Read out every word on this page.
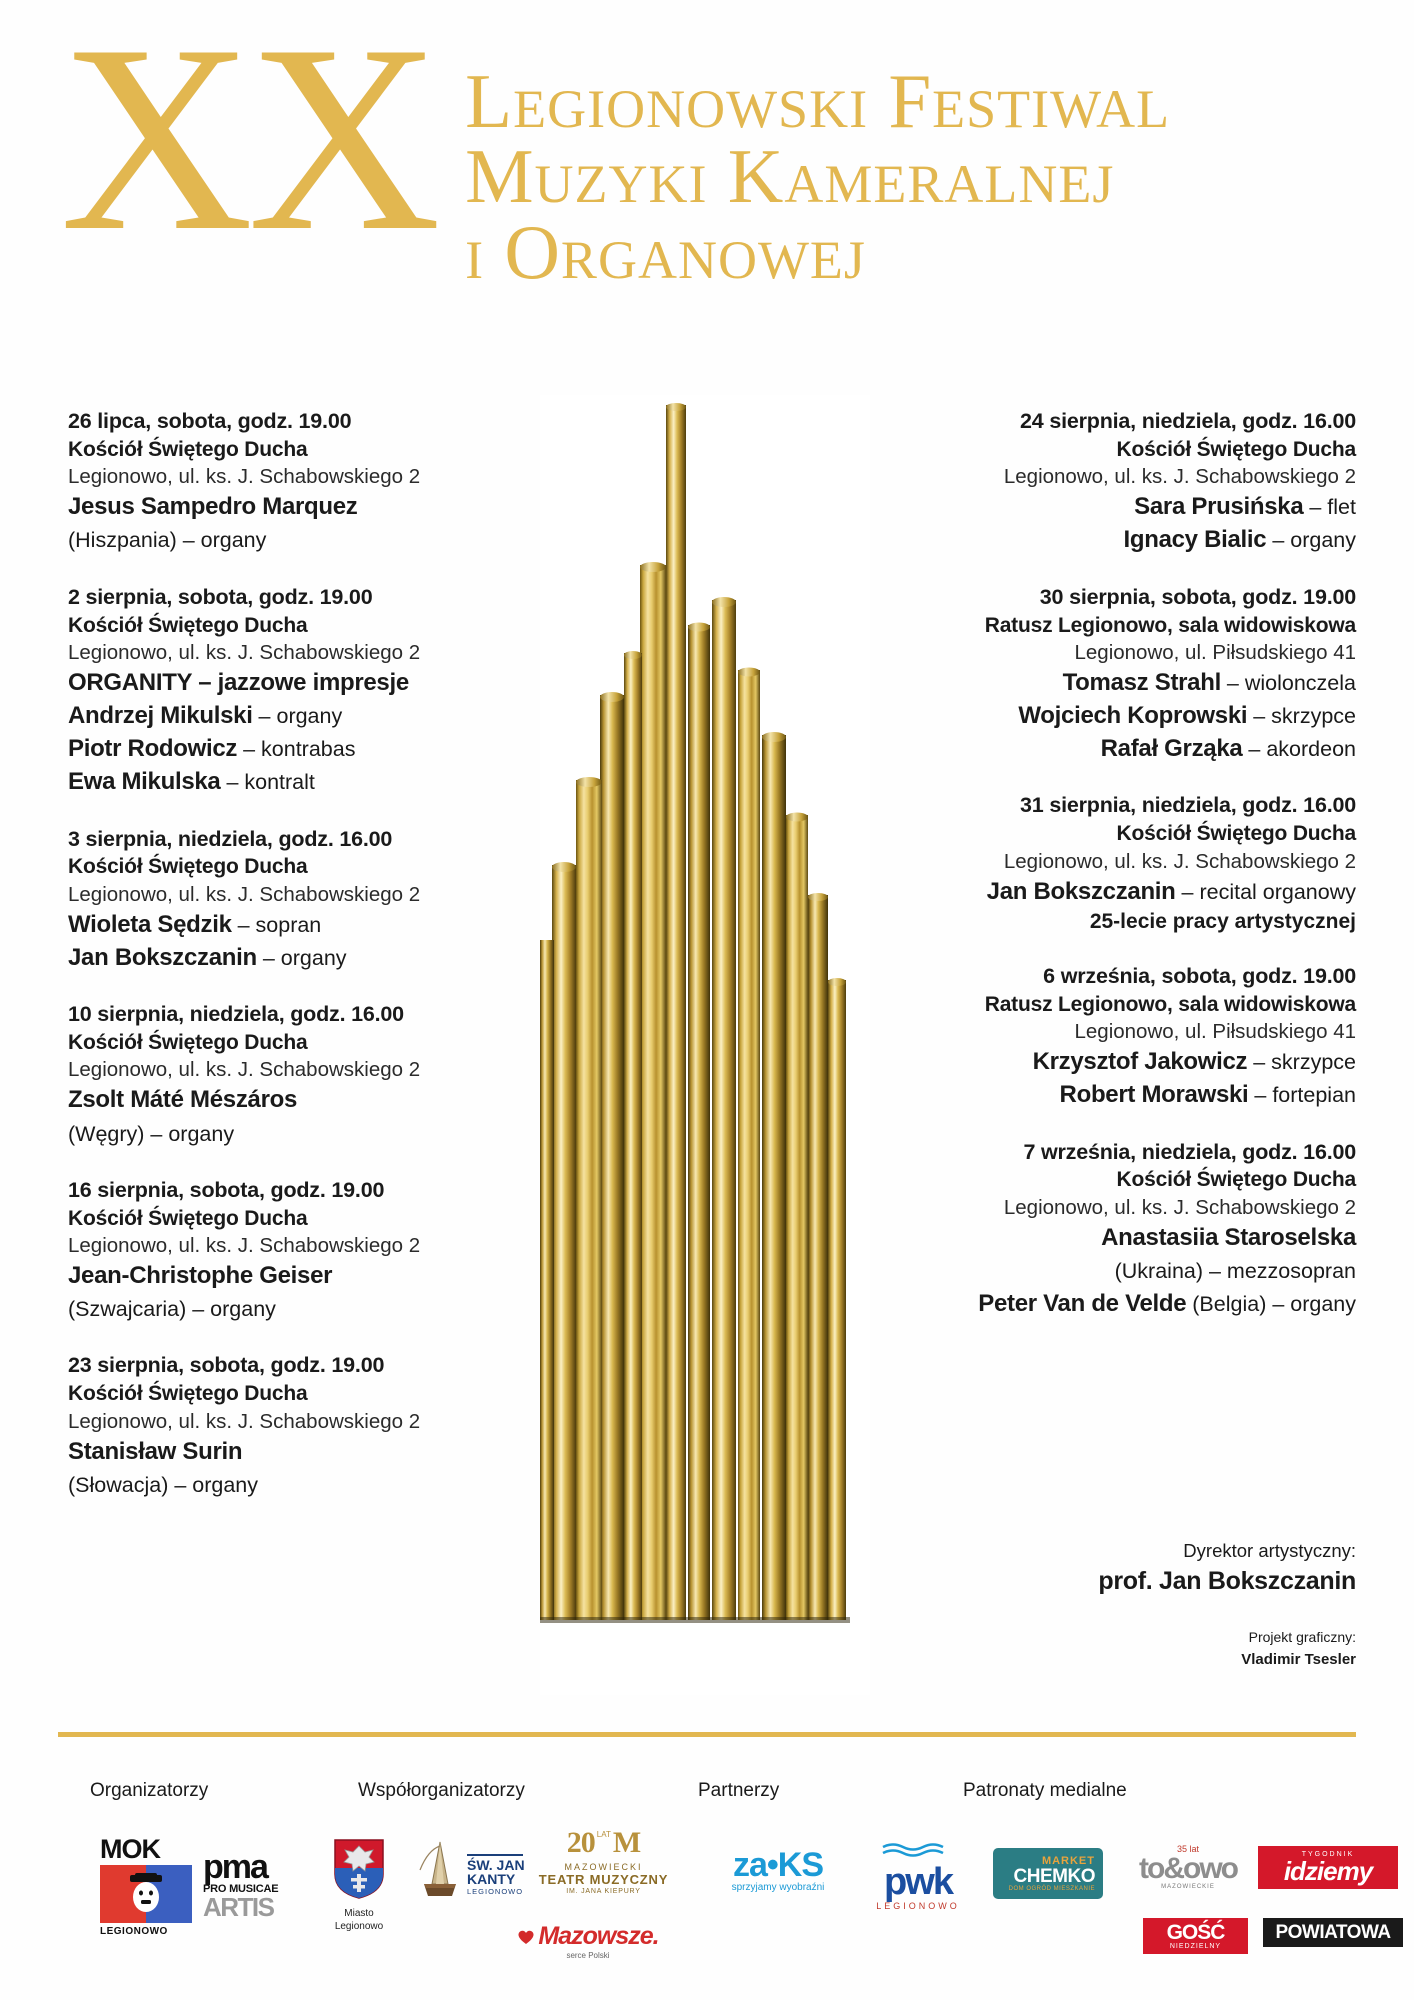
XX Legionowski Festiwal
Muzyki Kameralnej
i Organowej
26 lipca, sobota, godz. 19.00
Kościół Świętego Ducha
Legionowo, ul. ks. J. Schabowskiego 2
Jesus Sampedro Marquez
(Hiszpania) – organy
2 sierpnia, sobota, godz. 19.00
Kościół Świętego Ducha
Legionowo, ul. ks. J. Schabowskiego 2
ORGANITY – jazzowe impresje
Andrzej Mikulski – organy
Piotr Rodowicz – kontrabas
Ewa Mikulska – kontralt
3 sierpnia, niedziela, godz. 16.00
Kościół Świętego Ducha
Legionowo, ul. ks. J. Schabowskiego 2
Wioleta Sędzik – sopran
Jan Bokszczanin – organy
10 sierpnia, niedziela, godz. 16.00
Kościół Świętego Ducha
Legionowo, ul. ks. J. Schabowskiego 2
Zsolt Máté Mészáros
(Węgry) – organy
16 sierpnia, sobota, godz. 19.00
Kościół Świętego Ducha
Legionowo, ul. ks. J. Schabowskiego 2
Jean-Christophe Geiser
(Szwajcaria) – organy
23 sierpnia, sobota, godz. 19.00
Kościół Świętego Ducha
Legionowo, ul. ks. J. Schabowskiego 2
Stanisław Surin
(Słowacja) – organy
24 sierpnia, niedziela, godz. 16.00
Kościół Świętego Ducha
Legionowo, ul. ks. J. Schabowskiego 2
Sara Prusińska – flet
Ignacy Bialic – organy
30 sierpnia, sobota, godz. 19.00
Ratusz Legionowo, sala widowiskowa
Legionowo, ul. Piłsudskiego 41
Tomasz Strahl – wiolonczela
Wojciech Koprowski – skrzypce
Rafał Grząka – akordeon
31 sierpnia, niedziela, godz. 16.00
Kościół Świętego Ducha
Legionowo, ul. ks. J. Schabowskiego 2
Jan Bokszczanin – recital organowy
25-lecie pracy artystycznej
6 września, sobota, godz. 19.00
Ratusz Legionowo, sala widowiskowa
Legionowo, ul. Piłsudskiego 41
Krzysztof Jakowicz – skrzypce
Robert Morawski – fortepian
7 września, niedziela, godz. 16.00
Kościół Świętego Ducha
Legionowo, ul. ks. J. Schabowskiego 2
Anastasiia Staroselska
(Ukraina) – mezzosopran
Peter Van de Velde (Belgia) – organy
Dyrektor artystyczny:
prof. Jan Bokszczanin
Projekt graficzny:
Vladimir Tsesler
Organizatorzy	Współorganizatorzy	Partnerzy	Patronaty medialne
MOK
LEGIONOWO
pma
PRO MUSICAE
ARTIS	Miasto Legionowo
ŚW. JAN
KANTY
LEGIONOWO
20 LAT M
MAZOWIECKI
TEATR MUZYCZNY
IM. JANA KIEPURY
Mazowsze.
serce Polski
za•KS
sprzyjamy wyobraźni	pwk
LEGIONOWO
MARKET
CHEMKO
DOM OGRÓD MIESZKANIE
35 lat
to&owo
MAZOWIECKIE
TYGODNIK
idziemy
GOŚĆ
NIEDZIELNY
POWIATOWA
